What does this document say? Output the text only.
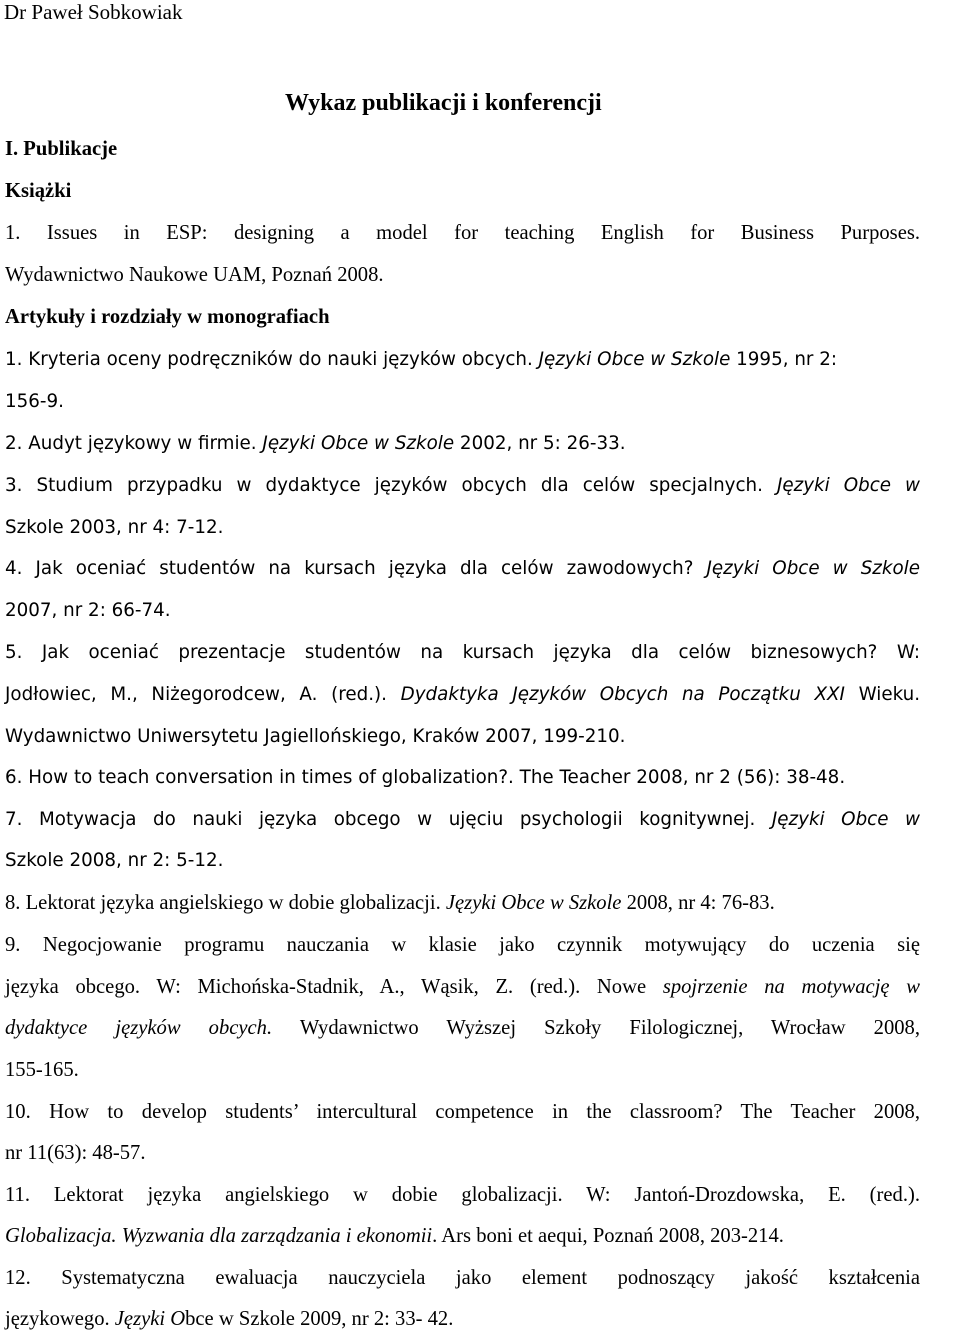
Dr Paweł Sobkowiak
Wykaz publikacji i konferencji
I. Publikacje
Książki
1. Issues in ESP: designing a model for teaching English for Business Purposes.
Wydawnictwo Naukowe UAM, Poznań 2008.
Artykuły i rozdziały w monografiach
1. Kryteria oceny podręczników do nauki języków obcych. Języki Obce w Szkole 1995, nr 2:
156-9.
2. Audyt językowy w firmie. Języki Obce w Szkole 2002, nr 5: 26-33.
3. Studium przypadku w dydaktyce języków obcych dla celów specjalnych. Języki Obce w
Szkole 2003, nr 4: 7-12.
4. Jak oceniać studentów na kursach języka dla celów zawodowych? Języki Obce w Szkole
2007, nr 2: 66-74.
5. Jak oceniać prezentacje studentów na kursach języka dla celów biznesowych? W:
Jodłowiec, M., Niżegorodcew, A. (red.). Dydaktyka Języków Obcych na Początku XXI Wieku.
Wydawnictwo Uniwersytetu Jagiellońskiego, Kraków 2007, 199-210.
6. How to teach conversation in times of globalization?. The Teacher 2008, nr 2 (56): 38-48.
7. Motywacja do nauki języka obcego w ujęciu psychologii kognitywnej. Języki Obce w
Szkole 2008, nr 2: 5-12.
8. Lektorat języka angielskiego w dobie globalizacji. Języki Obce w Szkole 2008, nr 4: 76-83.
9. Negocjowanie programu nauczania w klasie jako czynnik motywujący do uczenia się
języka obcego. W: Michońska-Stadnik, A., Wąsik, Z. (red.). Nowe spojrzenie na motywację w
dydaktyce języków obcych. Wydawnictwo Wyższej Szkoły Filologicznej, Wrocław 2008,
155-165.
10. How to develop students’ intercultural competence in the classroom? The Teacher 2008,
nr 11(63): 48-57.
11. Lektorat języka angielskiego w dobie globalizacji. W: Jantoń-Drozdowska, E. (red.).
Globalizacja. Wyzwania dla zarządzania i ekonomii. Ars boni et aequi, Poznań 2008, 203-214.
12. Systematyczna ewaluacja nauczyciela jako element podnoszący jakość kształcenia
językowego. Języki Obce w Szkole 2009, nr 2: 33- 42.
